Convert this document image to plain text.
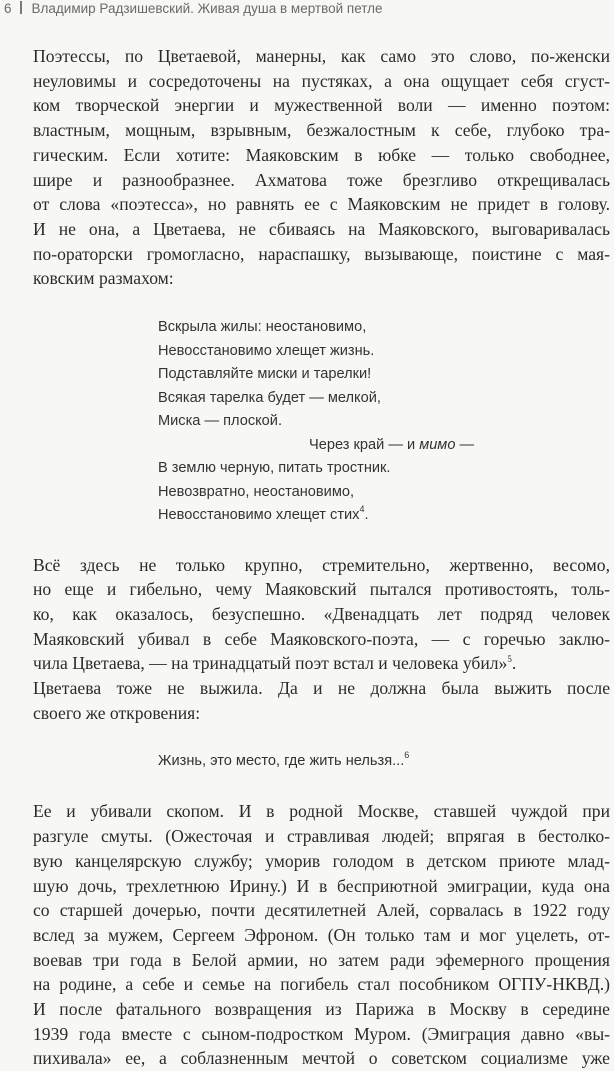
6 Владимир Радзишевский. Живая душа в мертвой петле

Поэтессы, по Цветаевой, манерны, как само это слово, по-женски
неуловимы и сосредоточены на пустяках, а она ощущает себя сгуст-
ком творческой энергии и мужественной воли — именно поэтом:
властным, мощным, взрывным, безжалостным к себе, глубоко тра-
гическим. Если хотите: Маяковским в юбке — только свободнее,
шире и разнообразнее. Ахматова тоже брезгливо открещивалась
от слова «поэтесса», но равнять ее с Маяковским не придет в голову.
И не она, а Цветаева, не сбиваясь на Маяковского, выговаривалась
по-ораторски громогласно, нараспашку, вызывающе, поистине с мая-
ковским размахом:

Вскрыла жилы: неостановимо,
Невосстановимо хлещет жизнь.
Подставляйте миски и тарелки!
Всякая тарелка будет — мелкой,
Миска — плоской.
Через край — и мимо —
В землю черную, питать тростник.
Невозвратно, неостановимо,
Невосстановимо хлещет стих$^4$.

Всё здесь не только крупно, стремительно, жертвенно, весомо,
но еще и гибельно, чему Маяковский пытался противостоять, толь-
ко, как оказалось, безуспешно. «Двенадцать лет подряд человек
Маяковский убивал в себе Маяковского-поэта, — с горечью заклю-
чила Цветаева, — на тринадцатый поэт встал и человека убил»$^5$.

Цветаева тоже не выжила. Да и не должна была выжить после
своего же откровения:

Жизнь, это место, где жить нельзя...$^6$

Ее и убивали скопом. И в родной Москве, ставшей чуждой при
разгуле смуты. (Ожесточая и стравливая людей; впрягая в бестолко-
вую канцелярскую службу; уморив голодом в детском приюте млад-
шую дочь, трехлетнюю Ирину.) И в бесприютной эмиграции, куда она
со старшей дочерью, почти десятилетней Алей, сорвалась в 1922 году
вслед за мужем, Сергеем Эфроном. (Он только там и мог уцелеть, от-
воевав три года в Белой армии, но затем ради эфемерного прощения
на родине, а себе и семье на погибель стал пособником ОГПУ-НКВД.)
И после фатального возвращения из Парижа в Москву в середине
1939 года вместе с сыном-подростком Муром. (Эмиграция давно «вы-
пихивала» ее, а соблазненным мечтой о советском социализме уже
